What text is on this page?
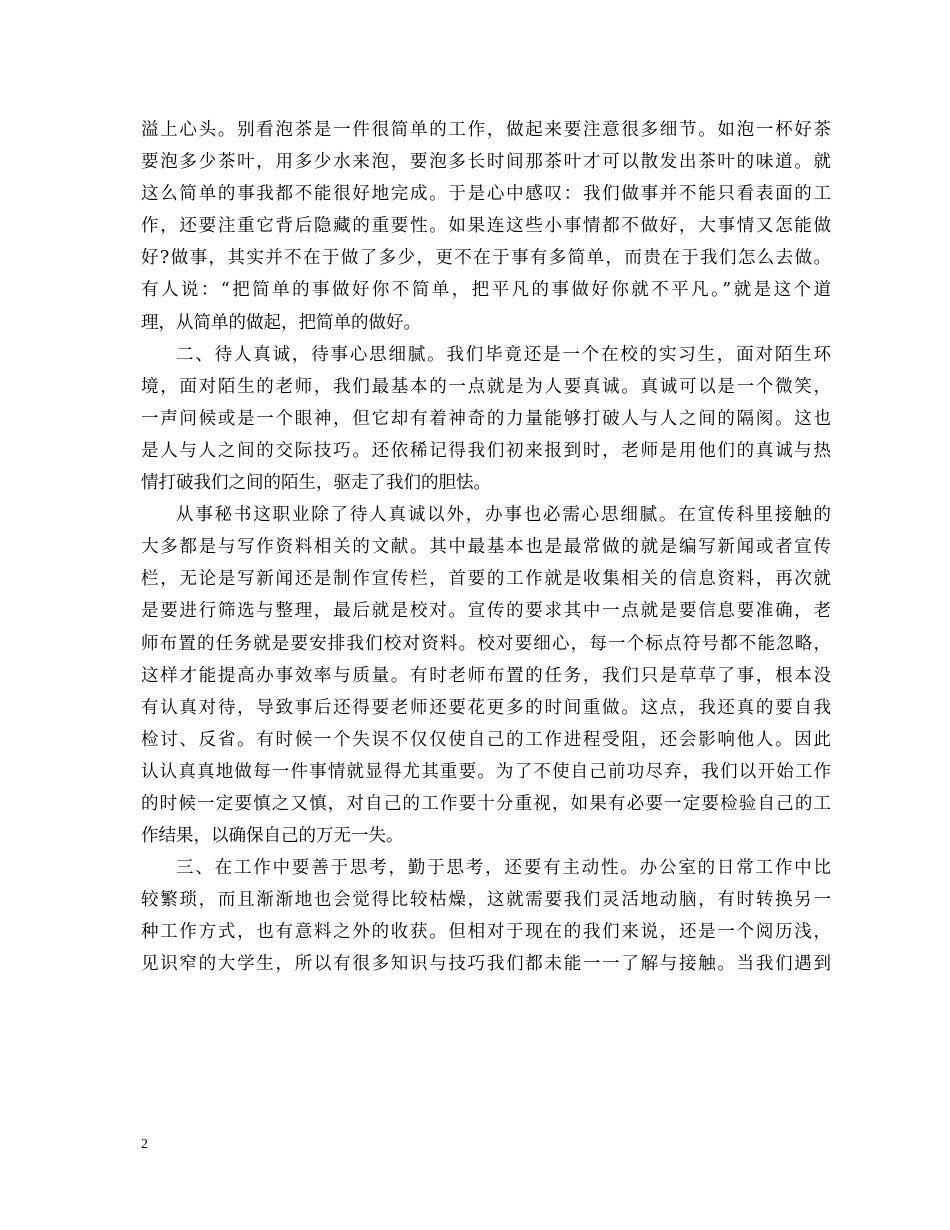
溢上心头。别看泡茶是一件很简单的工作，做起来要注意很多细节。如泡一杯好茶
要泡多少茶叶，用多少水来泡，要泡多长时间那茶叶才可以散发出茶叶的味道。就
这么简单的事我都不能很好地完成。于是心中感叹：我们做事并不能只看表面的工
作，还要注重它背后隐藏的重要性。如果连这些小事情都不做好，大事情又怎能做
好?做事，其实并不在于做了多少，更不在于事有多简单，而贵在于我们怎么去做。
有人说：“把简单的事做好你不简单，把平凡的事做好你就不平凡。”就是这个道
理，从简单的做起，把简单的做好。
二、待人真诚，待事心思细腻。我们毕竟还是一个在校的实习生，面对陌生环
境，面对陌生的老师，我们最基本的一点就是为人要真诚。真诚可以是一个微笑，
一声问候或是一个眼神，但它却有着神奇的力量能够打破人与人之间的隔阂。这也
是人与人之间的交际技巧。还依稀记得我们初来报到时，老师是用他们的真诚与热
情打破我们之间的陌生，驱走了我们的胆怯。
从事秘书这职业除了待人真诚以外，办事也必需心思细腻。在宣传科里接触的
大多都是与写作资料相关的文献。其中最基本也是最常做的就是编写新闻或者宣传
栏，无论是写新闻还是制作宣传栏，首要的工作就是收集相关的信息资料，再次就
是要进行筛选与整理，最后就是校对。宣传的要求其中一点就是要信息要准确，老
师布置的任务就是要安排我们校对资料。校对要细心，每一个标点符号都不能忽略，
这样才能提高办事效率与质量。有时老师布置的任务，我们只是草草了事，根本没
有认真对待，导致事后还得要老师还要花更多的时间重做。这点，我还真的要自我
检讨、反省。有时候一个失误不仅仅使自己的工作进程受阻，还会影响他人。因此
认认真真地做每一件事情就显得尤其重要。为了不使自己前功尽弃，我们以开始工作
的时候一定要慎之又慎，对自己的工作要十分重视，如果有必要一定要检验自己的工
作结果，以确保自己的万无一失。
三、在工作中要善于思考，勤于思考，还要有主动性。办公室的日常工作中比
较繁琐，而且渐渐地也会觉得比较枯燥，这就需要我们灵活地动脑，有时转换另一
种工作方式，也有意料之外的收获。但相对于现在的我们来说，还是一个阅历浅，
见识窄的大学生，所以有很多知识与技巧我们都未能一一了解与接触。当我们遇到
2
